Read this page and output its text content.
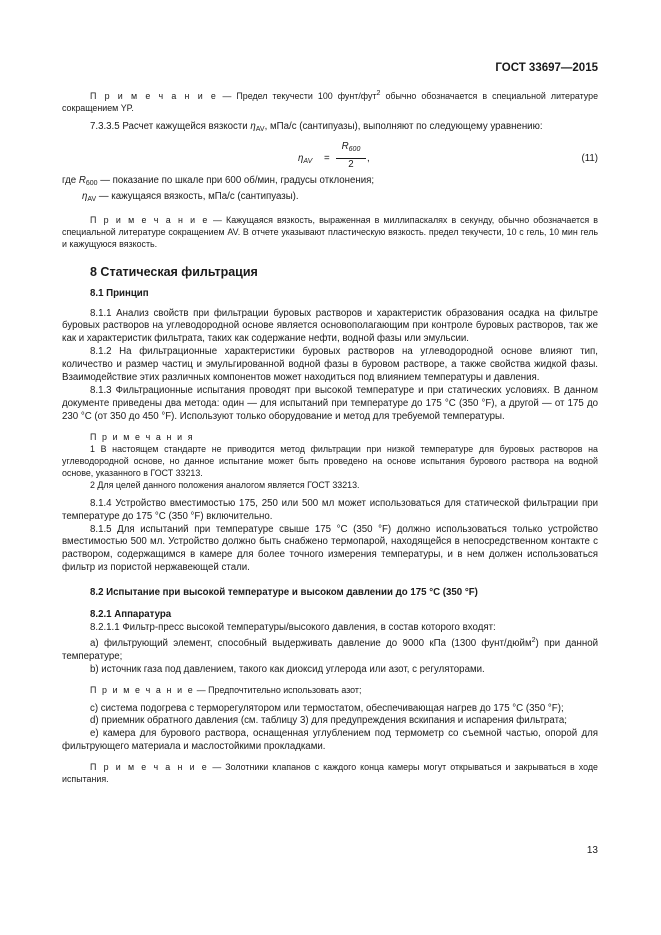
ГОСТ 33697—2015

П р и м е ч а н и е — Предел текучести 100 фунт/фут$^2$ обычно обозначается в специальной литературе сокращением YP.

7.3.3.5 Расчет кажущейся вязкости $\eta_{AV}$, мПа/с (сантипуазы), выполняют по следующему уравнению:

$\eta_{AV} = \frac{R_{600}}{2}$ ,	(11)

где $R_{600}$ — показание по шкале при 600 об/мин, градусы отклонения;

$\eta_{AV}$ — кажущаяся вязкость, мПа/с (сантипуазы).

П р и м е ч а н и е — Кажущаяся вязкость, выраженная в миллипаскалях в секунду, обычно обозначается в специальной литературе сокращением AV. В отчете указывают пластическую вязкость. предел текучести, 10 с гель, 10 мин гель и кажущуюся вязкость.

8 Статическая фильтрация

8.1 Принцип

8.1.1 Анализ свойств при фильтрации буровых растворов и характеристик образования осадка на фильтре буровых растворов на углеводородной основе является основополагающим при контроле буровых растворов, так же как и характеристик фильтрата, таких как содержание нефти, водной фазы или эмульсии.

8.1.2 На фильтрационные характеристики буровых растворов на углеводородной основе влияют тип, количество и размер частиц и эмульгированной водной фазы в буровом растворе, а также свойства жидкой фазы. Взаимодействие этих различных компонентов может находиться под влиянием температуры и давления.

8.1.3 Фильтрационные испытания проводят при высокой температуре и при статических условиях. В данном документе приведены два метода: один — для испытаний при температуре до 175 °C (350 °F), а другой — от 175 до 230 °C (от 350 до 450 °F). Используют только оборудование и метод для требуемой температуры.

П р и м е ч а н и я

1 В настоящем стандарте не приводится метод фильтрации при низкой температуре для буровых растворов на углеводородной основе, но данное испытание может быть проведено на основе испытания бурового раствора на водной основе, указанного в ГОСТ 33213.

2 Для целей данного положения аналогом является ГОСТ 33213.

8.1.4 Устройство вместимостью 175, 250 или 500 мл может использоваться для статической фильтрации при температуре до 175 °C (350 °F) включительно.

8.1.5 Для испытаний при температуре свыше 175 °C (350 °F) должно использоваться только устройство вместимостью 500 мл. Устройство должно быть снабжено термопарой, находящейся в непосредственном контакте с раствором, содержащимся в камере для более точного измерения температуры, и в нем должен использоваться фильтр из пористой нержавеющей стали.

8.2 Испытание при высокой температуре и высоком давлении до 175 °C (350 °F)

8.2.1 Аппаратура

8.2.1.1 Фильтр-пресс высокой температуры/высокого давления, в состав которого входят:

a) фильтрующий элемент, способный выдерживать давление до 9000 кПа (1300 фунт/дюйм$^2$) при данной температуре;

b) источник газа под давлением, такого как диоксид углерода или азот, с регуляторами.

П р и м е ч а н и е — Предпочтительно использовать азот;

c) система подогрева с терморегулятором или термостатом, обеспечивающая нагрев до 175 °C (350 °F);

d) приемник обратного давления (см. таблицу 3) для предупреждения вскипания и испарения фильтрата;

e) камера для бурового раствора, оснащенная углублением под термометр со съемной частью, опорой для фильтрующего материала и маслостойкими прокладками.

П р и м е ч а н и е — Золотники клапанов с каждого конца камеры могут открываться и закрываться в ходе испытания.

13
